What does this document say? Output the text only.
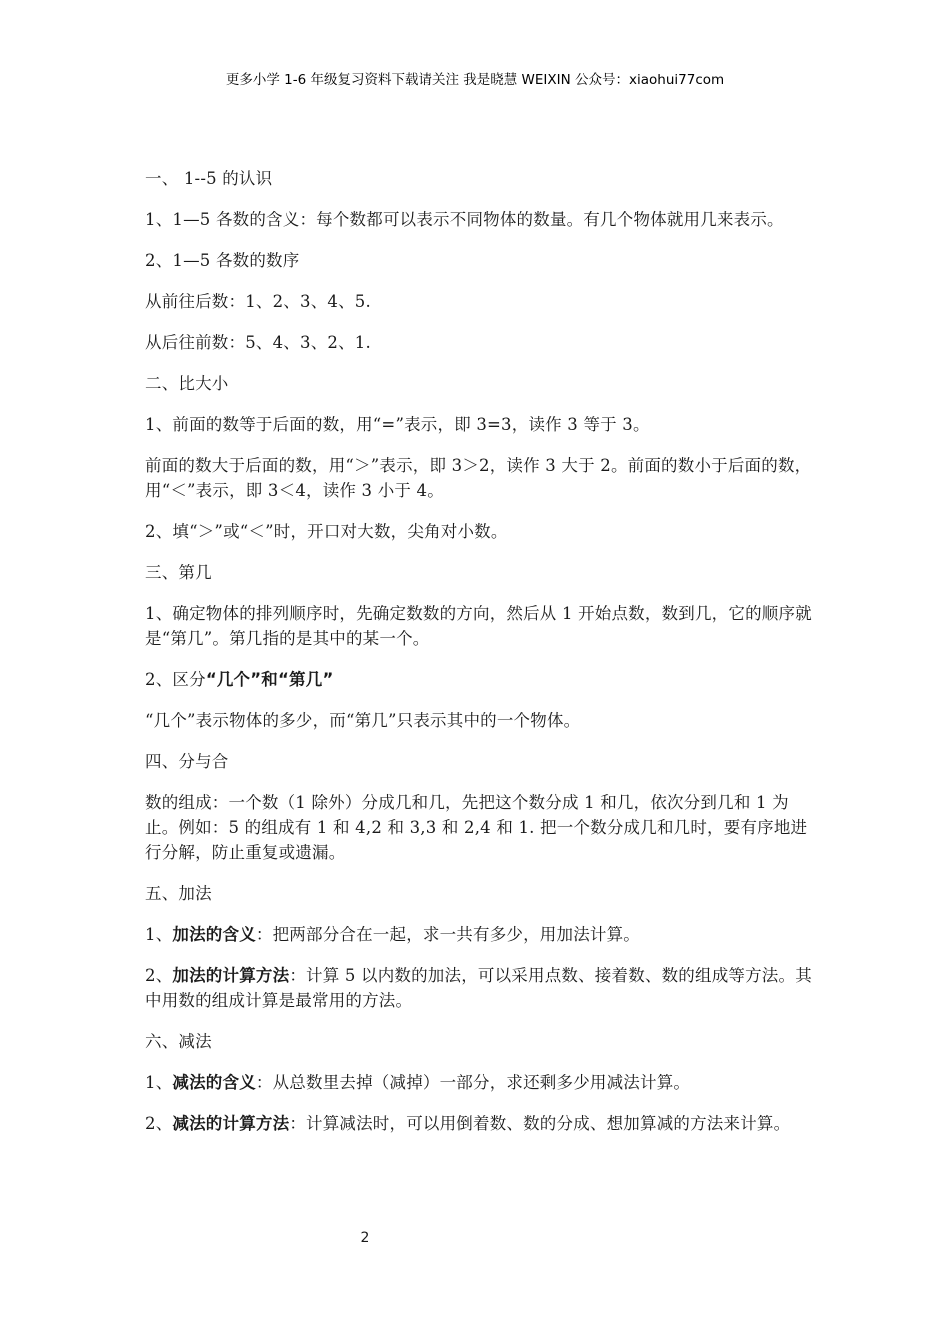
更多小学 1-6 年级复习资料下载请关注 我是晓慧 WEIXIN 公众号：xiaohui77com

一、 1--5 的认识

1、1—5 各数的含义：每个数都可以表示不同物体的数量。有几个物体就用几来表示。

2、1—5 各数的数序

从前往后数：1、2、3、4、5.

从后往前数：5、4、3、2、1.

二、比大小

1、前面的数等于后面的数，用“=”表示，即 3=3，读作 3 等于 3。

前面的数大于后面的数，用“＞”表示，即 3＞2，读作 3 大于 2。前面的数小于后面的数，用“＜”表示，即 3＜4，读作 3 小于 4。

2、填“＞”或“＜”时，开口对大数，尖角对小数。

三、第几

1、确定物体的排列顺序时，先确定数数的方向，然后从 1 开始点数，数到几，它的顺序就是“第几”。第几指的是其中的某一个。

2、区分“几个”和“第几”

“几个”表示物体的多少，而“第几”只表示其中的一个物体。

四、分与合

数的组成：一个数（1 除外）分成几和几，先把这个数分成 1 和几，依次分到几和 1 为止。例如：5 的组成有 1 和 4,2 和 3,3 和 2,4 和 1. 把一个数分成几和几时，要有序地进行分解，防止重复或遗漏。

五、加法

1、加法的含义：把两部分合在一起，求一共有多少，用加法计算。

2、加法的计算方法：计算 5 以内数的加法，可以采用点数、接着数、数的组成等方法。其中用数的组成计算是最常用的方法。

六、减法

1、减法的含义：从总数里去掉（减掉）一部分，求还剩多少用减法计算。

2、减法的计算方法：计算减法时，可以用倒着数、数的分成、想加算减的方法来计算。

2
